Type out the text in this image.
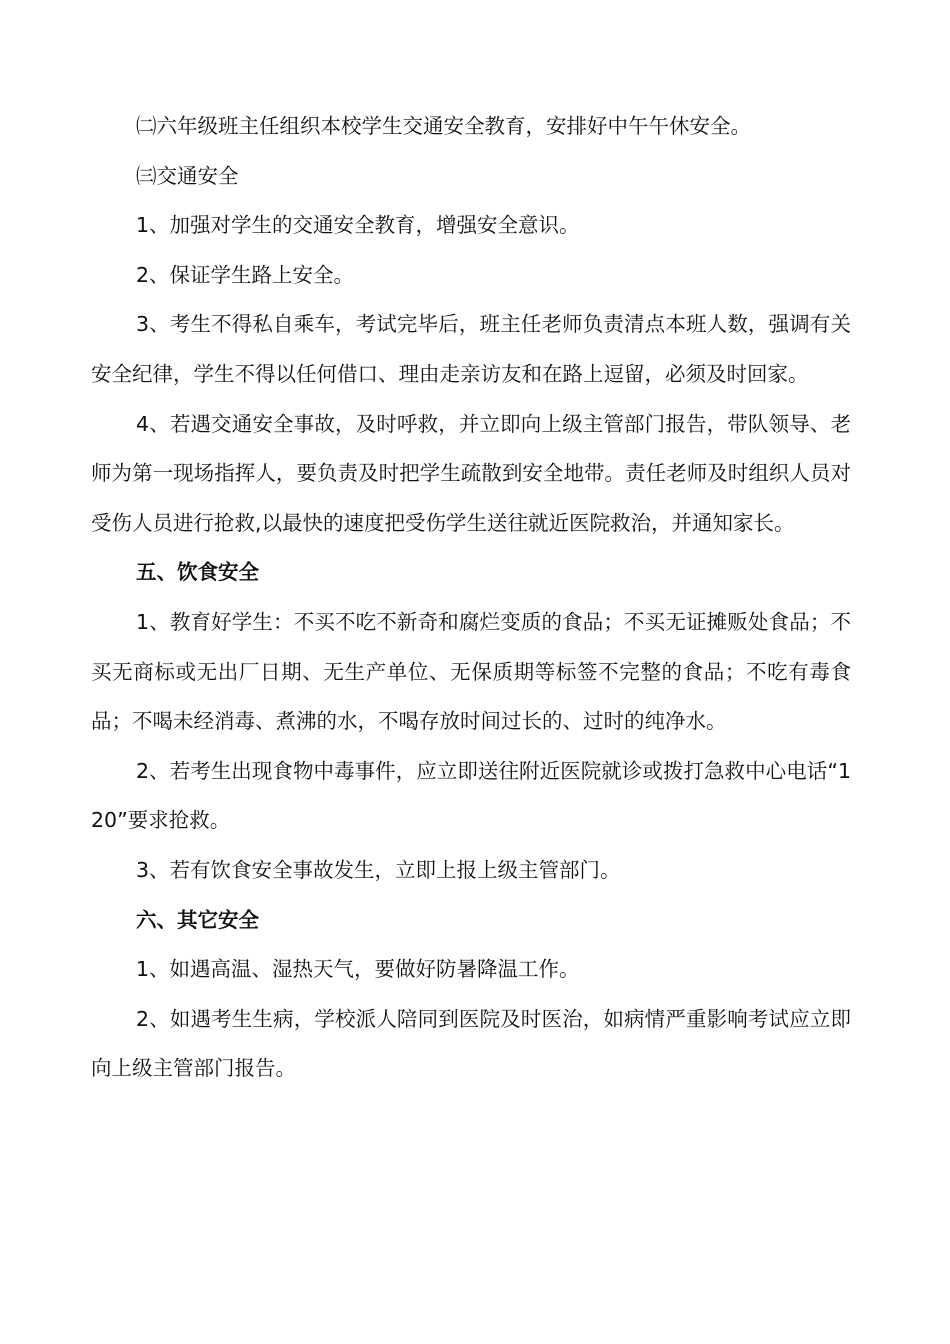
㈡六年级班主任组织本校学生交通安全教育，安排好中午午休安全。

㈢交通安全

1、加强对学生的交通安全教育，增强安全意识。

2、保证学生路上安全。

3、考生不得私自乘车，考试完毕后，班主任老师负责清点本班人数，强调有关安全纪律，学生不得以任何借口、理由走亲访友和在路上逗留，必须及时回家。

4、若遇交通安全事故，及时呼救，并立即向上级主管部门报告，带队领导、老师为第一现场指挥人，要负责及时把学生疏散到安全地带。责任老师及时组织人员对受伤人员进行抢救,以最快的速度把受伤学生送往就近医院救治，并通知家长。

五、饮食安全

1、教育好学生：不买不吃不新奇和腐烂变质的食品；不买无证摊贩处食品；不买无商标或无出厂日期、无生产单位、无保质期等标签不完整的食品；不吃有毒食品；不喝未经消毒、煮沸的水，不喝存放时间过长的、过时的纯净水。

2、若考生出现食物中毒事件，应立即送往附近医院就诊或拨打急救中心电话“120”要求抢救。

3、若有饮食安全事故发生，立即上报上级主管部门。

六、其它安全

1、如遇高温、湿热天气，要做好防暑降温工作。

2、如遇考生生病，学校派人陪同到医院及时医治，如病情严重影响考试应立即向上级主管部门报告。
